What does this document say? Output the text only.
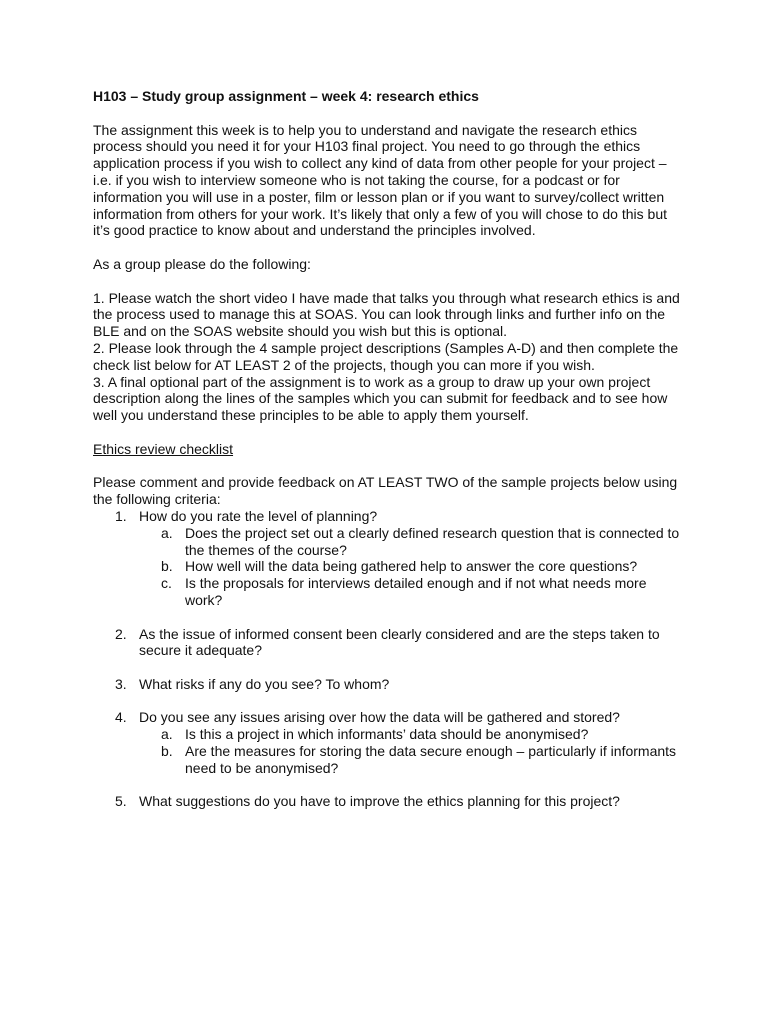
H103 – Study group assignment – week 4: research ethics

The assignment this week is to help you to understand and navigate the research ethics process should you need it for your H103 final project. You need to go through the ethics application process if you wish to collect any kind of data from other people for your project – i.e. if you wish to interview someone who is not taking the course, for a podcast or for information you will use in a poster, film or lesson plan or if you want to survey/collect written information from others for your work. It’s likely that only a few of you will chose to do this but it’s good practice to know about and understand the principles involved.

As a group please do the following:

1. Please watch the short video I have made that talks you through what research ethics is and the process used to manage this at SOAS. You can look through links and further info on the BLE and on the SOAS website should you wish but this is optional.

2. Please look through the 4 sample project descriptions (Samples A-D) and then complete the check list below for AT LEAST 2 of the projects, though you can more if you wish.

3. A final optional part of the assignment is to work as a group to draw up your own project description along the lines of the samples which you can submit for feedback and to see how well you understand these principles to be able to apply them yourself.

Ethics review checklist

Please comment and provide feedback on AT LEAST TWO of the sample projects below using the following criteria:

1. How do you rate the level of planning?
a. Does the project set out a clearly defined research question that is connected to the themes of the course?
b. How well will the data being gathered help to answer the core questions?
c. Is the proposals for interviews detailed enough and if not what needs more work?
2. As the issue of informed consent been clearly considered and are the steps taken to secure it adequate?
3. What risks if any do you see? To whom?
4. Do you see any issues arising over how the data will be gathered and stored?
a. Is this a project in which informants’ data should be anonymised?
b. Are the measures for storing the data secure enough – particularly if informants need to be anonymised?
5. What suggestions do you have to improve the ethics planning for this project?
